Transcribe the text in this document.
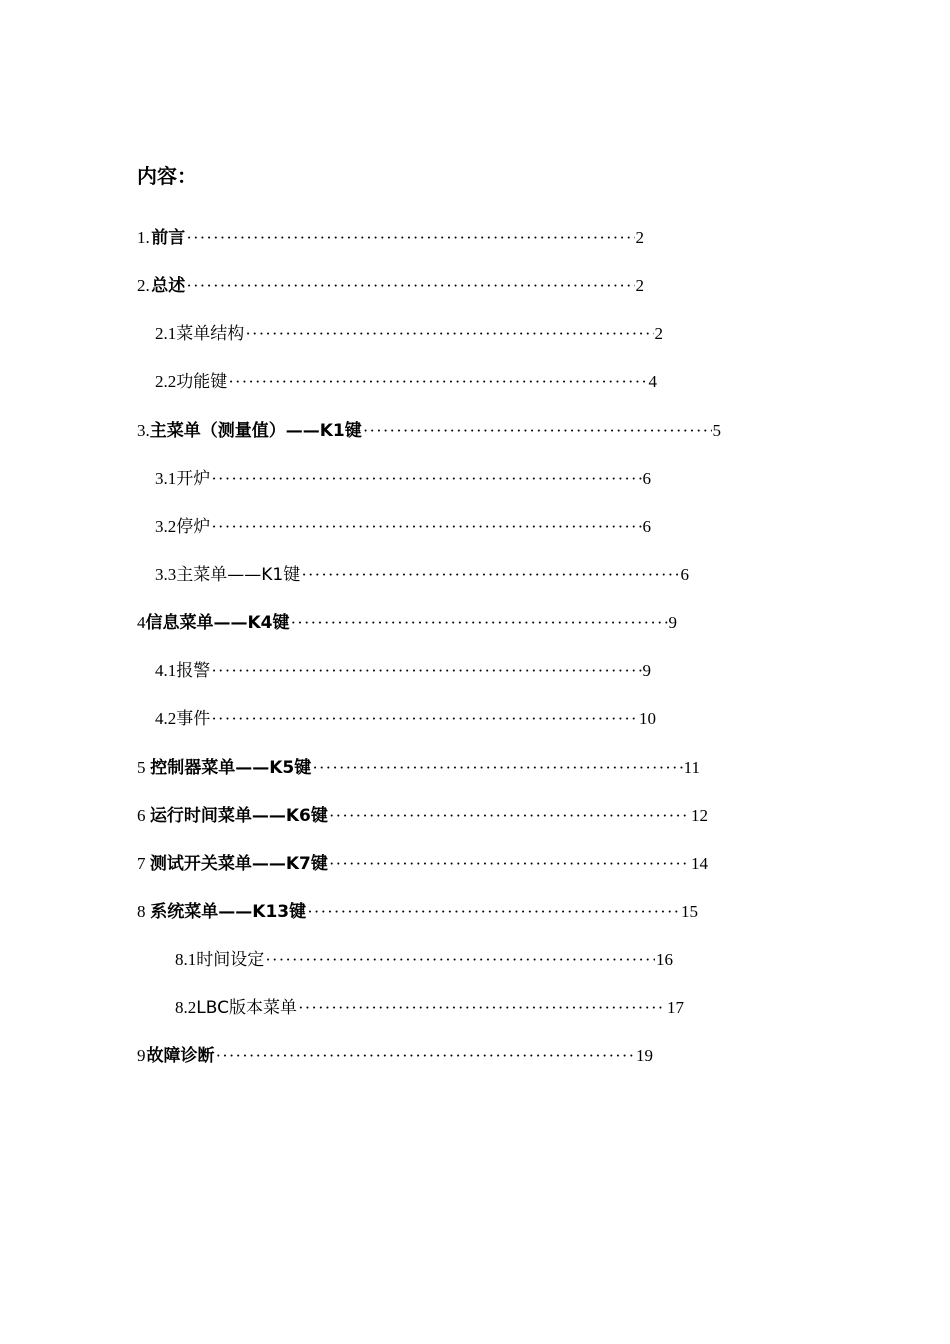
内容：
1. 前言 ·····	2
2. 总述 ·····	2
2.1 菜单结构 ·····	2
2.2 功能键 ·····	4
3. 主菜单（测量值）——K1键 ·····	5
3.1 开炉 ·····	6
3.2 停炉 ·····	6
3.3 主菜单——K1键 ·····	6
4 信息菜单——K4键 ·····	9
4.1 报警 ·····	9
4.2 事件 ·····	10
5 控制器菜单——K5键 ·····	11
6 运行时间菜单——K6键 ·····	12
7 测试开关菜单——K7键 ·····	14
8 系统菜单——K13键 ·····	15
8.1 时间设定 ·····	16
8.2 LBC版本菜单 ·····	17
9 故障诊断 ·····	19
